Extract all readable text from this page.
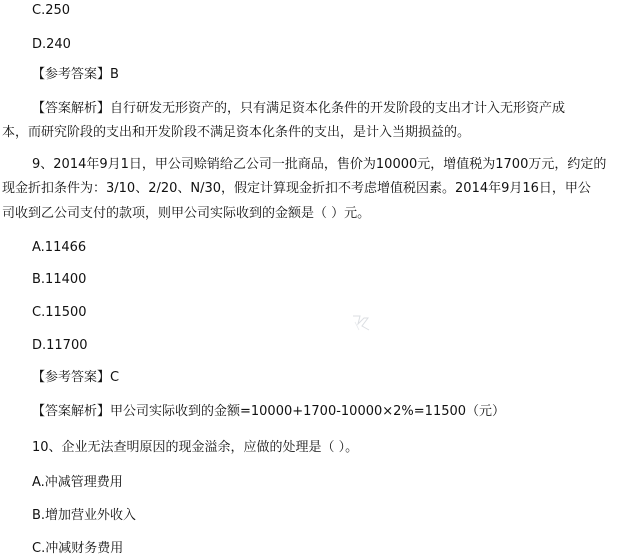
C.250
D.240
【参考答案】B
【答案解析】自行研发无形资产的，只有满足资本化条件的开发阶段的支出才计入无形资产成
本，而研究阶段的支出和开发阶段不满足资本化条件的支出，是计入当期损益的。
9、2014年9月1日，甲公司赊销给乙公司一批商品，售价为10000元，增值税为1700万元，约定的
现金折扣条件为：3/10、2/20、N/30，假定计算现金折扣不考虑增值税因素。2014年9月16日，甲公
司收到乙公司支付的款项，则甲公司实际收到的金额是（ ）元。
A.11466
B.11400
C.11500
D.11700
【参考答案】C
【答案解析】甲公司实际收到的金额=10000+1700-10000×2%=11500（元）
10、企业无法查明原因的现金溢余，应做的处理是（ ）。
A.冲减管理费用
B.增加营业外收入
C.冲减财务费用
